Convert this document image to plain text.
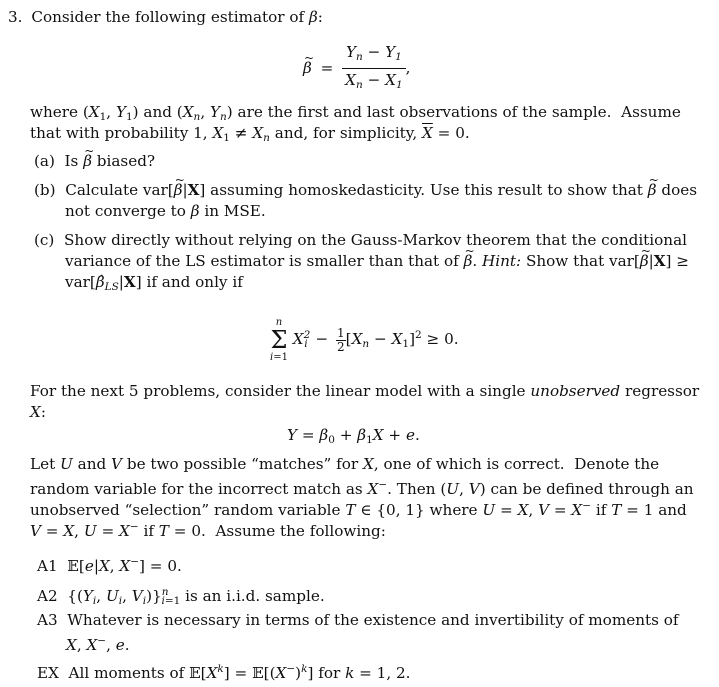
3. Consider the following estimator of β:
~ $\beta = \frac{Y_n - Y_1}{X_n - X_1}$ ,
where ($X_1$, $Y_1$) and ($X_n$, $Y_n$) are the first and last observations of the sample.  Assume
that with probability 1, $X_1 \ne X_n$ and, for simplicity, $\overline{X} = 0$.
(a)  Is ~ β biased?
(b)  Calculate var[~ β|X] assuming homoskedasticity. Use this result to show that ~ β does
not converge to β in MSE.
(c)  Show directly without relying on the Gauss-Markov theorem that the conditional
variance of the LS estimator is smaller than that of ~ β. Hint: Show that var[~ β|X] ≥
$var[\betâ_{LS}|X]$ if and only if
n
Σ
i=1
$X^2_i - \frac{1}{2} [X_n - X_1]^2 \ge 0$.
For the next 5 problems, consider the linear model with a single unobserved regressor
X:
$Y = \beta_0 + \beta_1X + e$.
Let U and V be two possible “matches” for X, one of which is correct.  Denote the
random variable for the incorrect match as X−. Then (U, V) can be defined through an
unobserved “selection” random variable T ∈ {0, 1} where U = X, V = X− if T = 1 and
V = X, U = X− if T = 0.  Assume the following:
A1  𝔼[e|X, X−] = 0.
A2  {($Y_i$, $U_i$, $V_i)\}^n_{i=1}$ is an i.i.d. sample.
A3 Whatever is necessary in terms of the existence and invertibility of moments of
X, X−, e.
EX  All moments of $𝔼[X^k]$ = $𝔼[(X^-)^k]$ for k = 1, 2.
